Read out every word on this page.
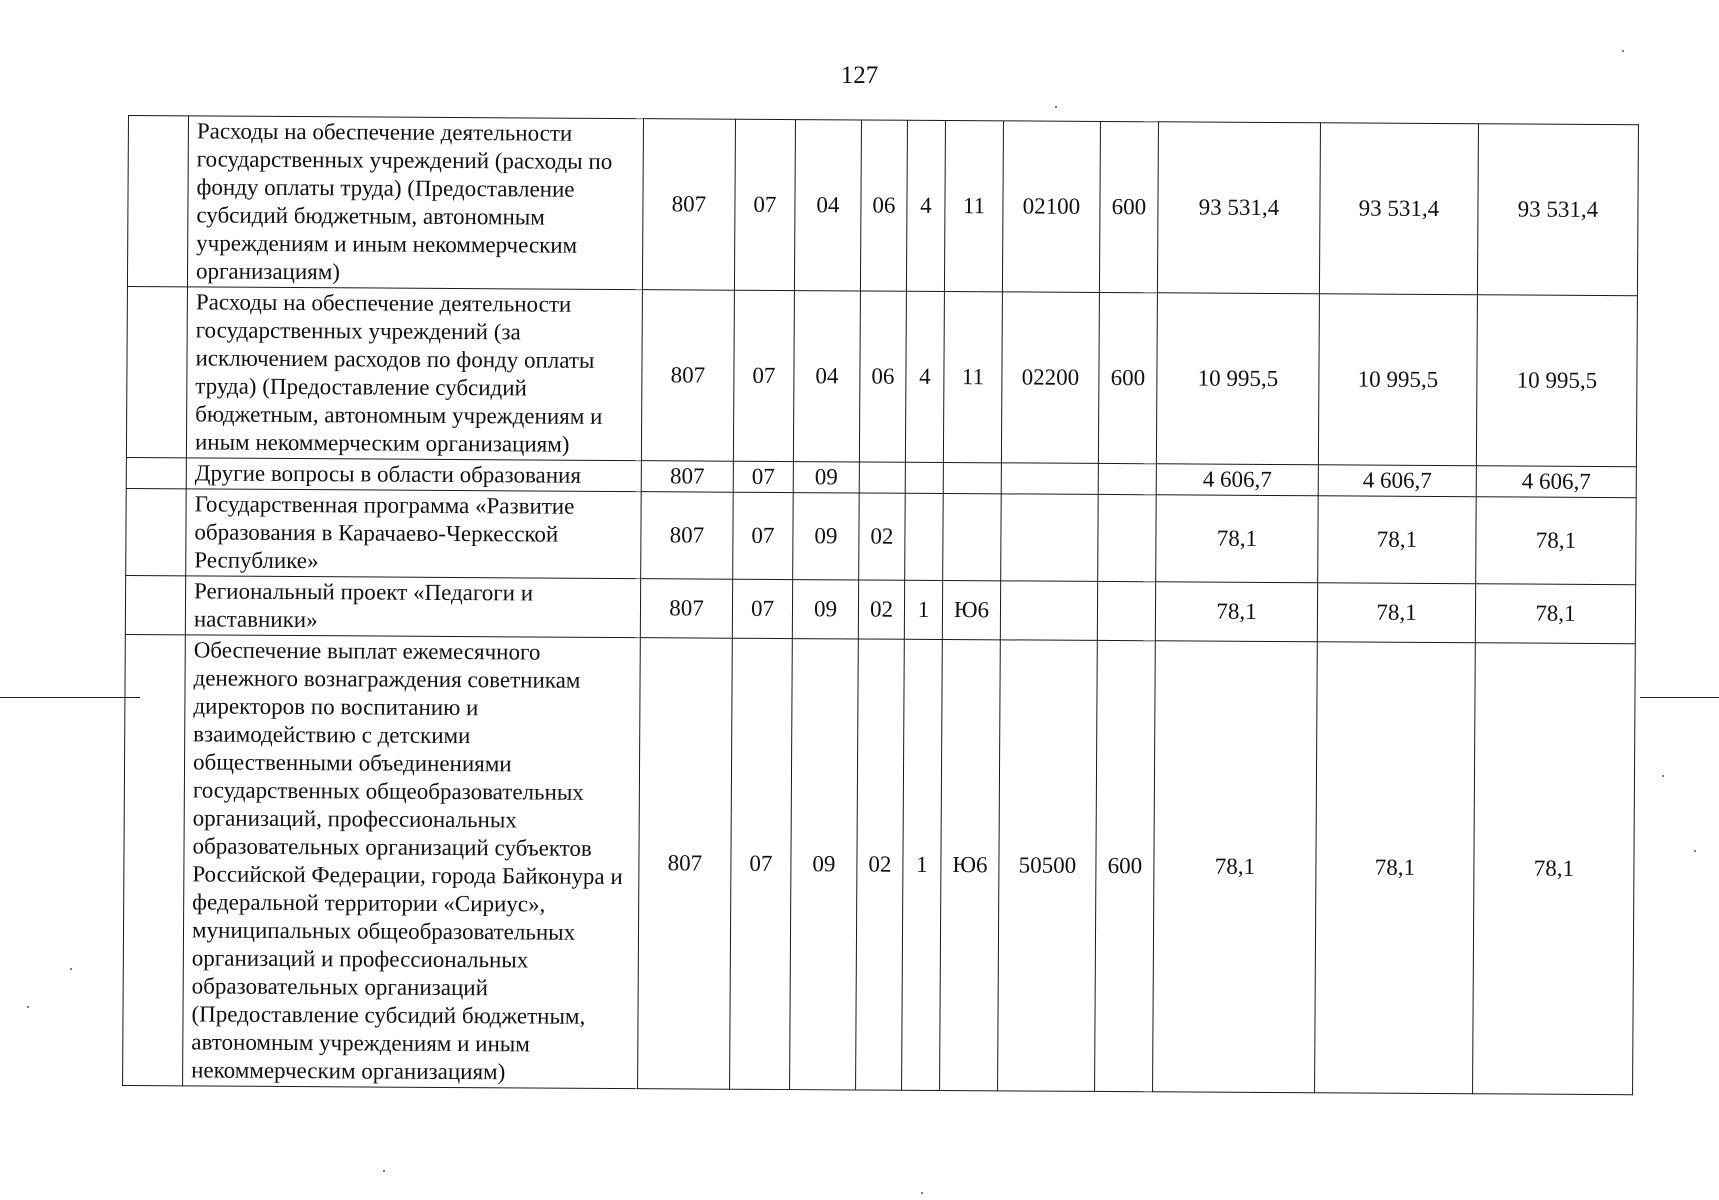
127
	Расходы на обеспечение деятельности государственных учреждений (расходы по фонду оплаты труда) (Предоставление субсидий бюджетным, автономным учреждениям и иным некоммерческим организациям)	807	07	04	06	4	11	02100	600	93 531,4	93 531,4	93 531,4
	Расходы на обеспечение деятельности государственных учреждений (за исключением расходов по фонду оплаты труда) (Предоставление субсидий бюджетным, автономным учреждениям и иным некоммерческим организациям)	807	07	04	06	4	11	02200	600	10 995,5	10 995,5	10 995,5
	Другие вопросы в области образования	807	07	09						4 606,7	4 606,7	4 606,7
	Государственная программа «Развитие образования в Карачаево-Черкесской Республике»	807	07	09	02					78,1	78,1	78,1
	Региональный проект «Педагоги и наставники»	807	07	09	02	1	Ю6			78,1	78,1	78,1
	Обеспечение выплат ежемесячного денежного вознаграждения советникам директоров по воспитанию и взаимодействию с детскими общественными объединениями государственных общеобразовательных организаций, профессиональных образовательных организаций субъектов Российской Федерации, города Байконура и федеральной территории «Сириус», муниципальных общеобразовательных организаций и профессиональных образовательных организаций (Предоставление субсидий бюджетным, автономным учреждениям и иным некоммерческим организациям)	807	07	09	02	1	Ю6	50500	600	78,1	78,1	78,1
